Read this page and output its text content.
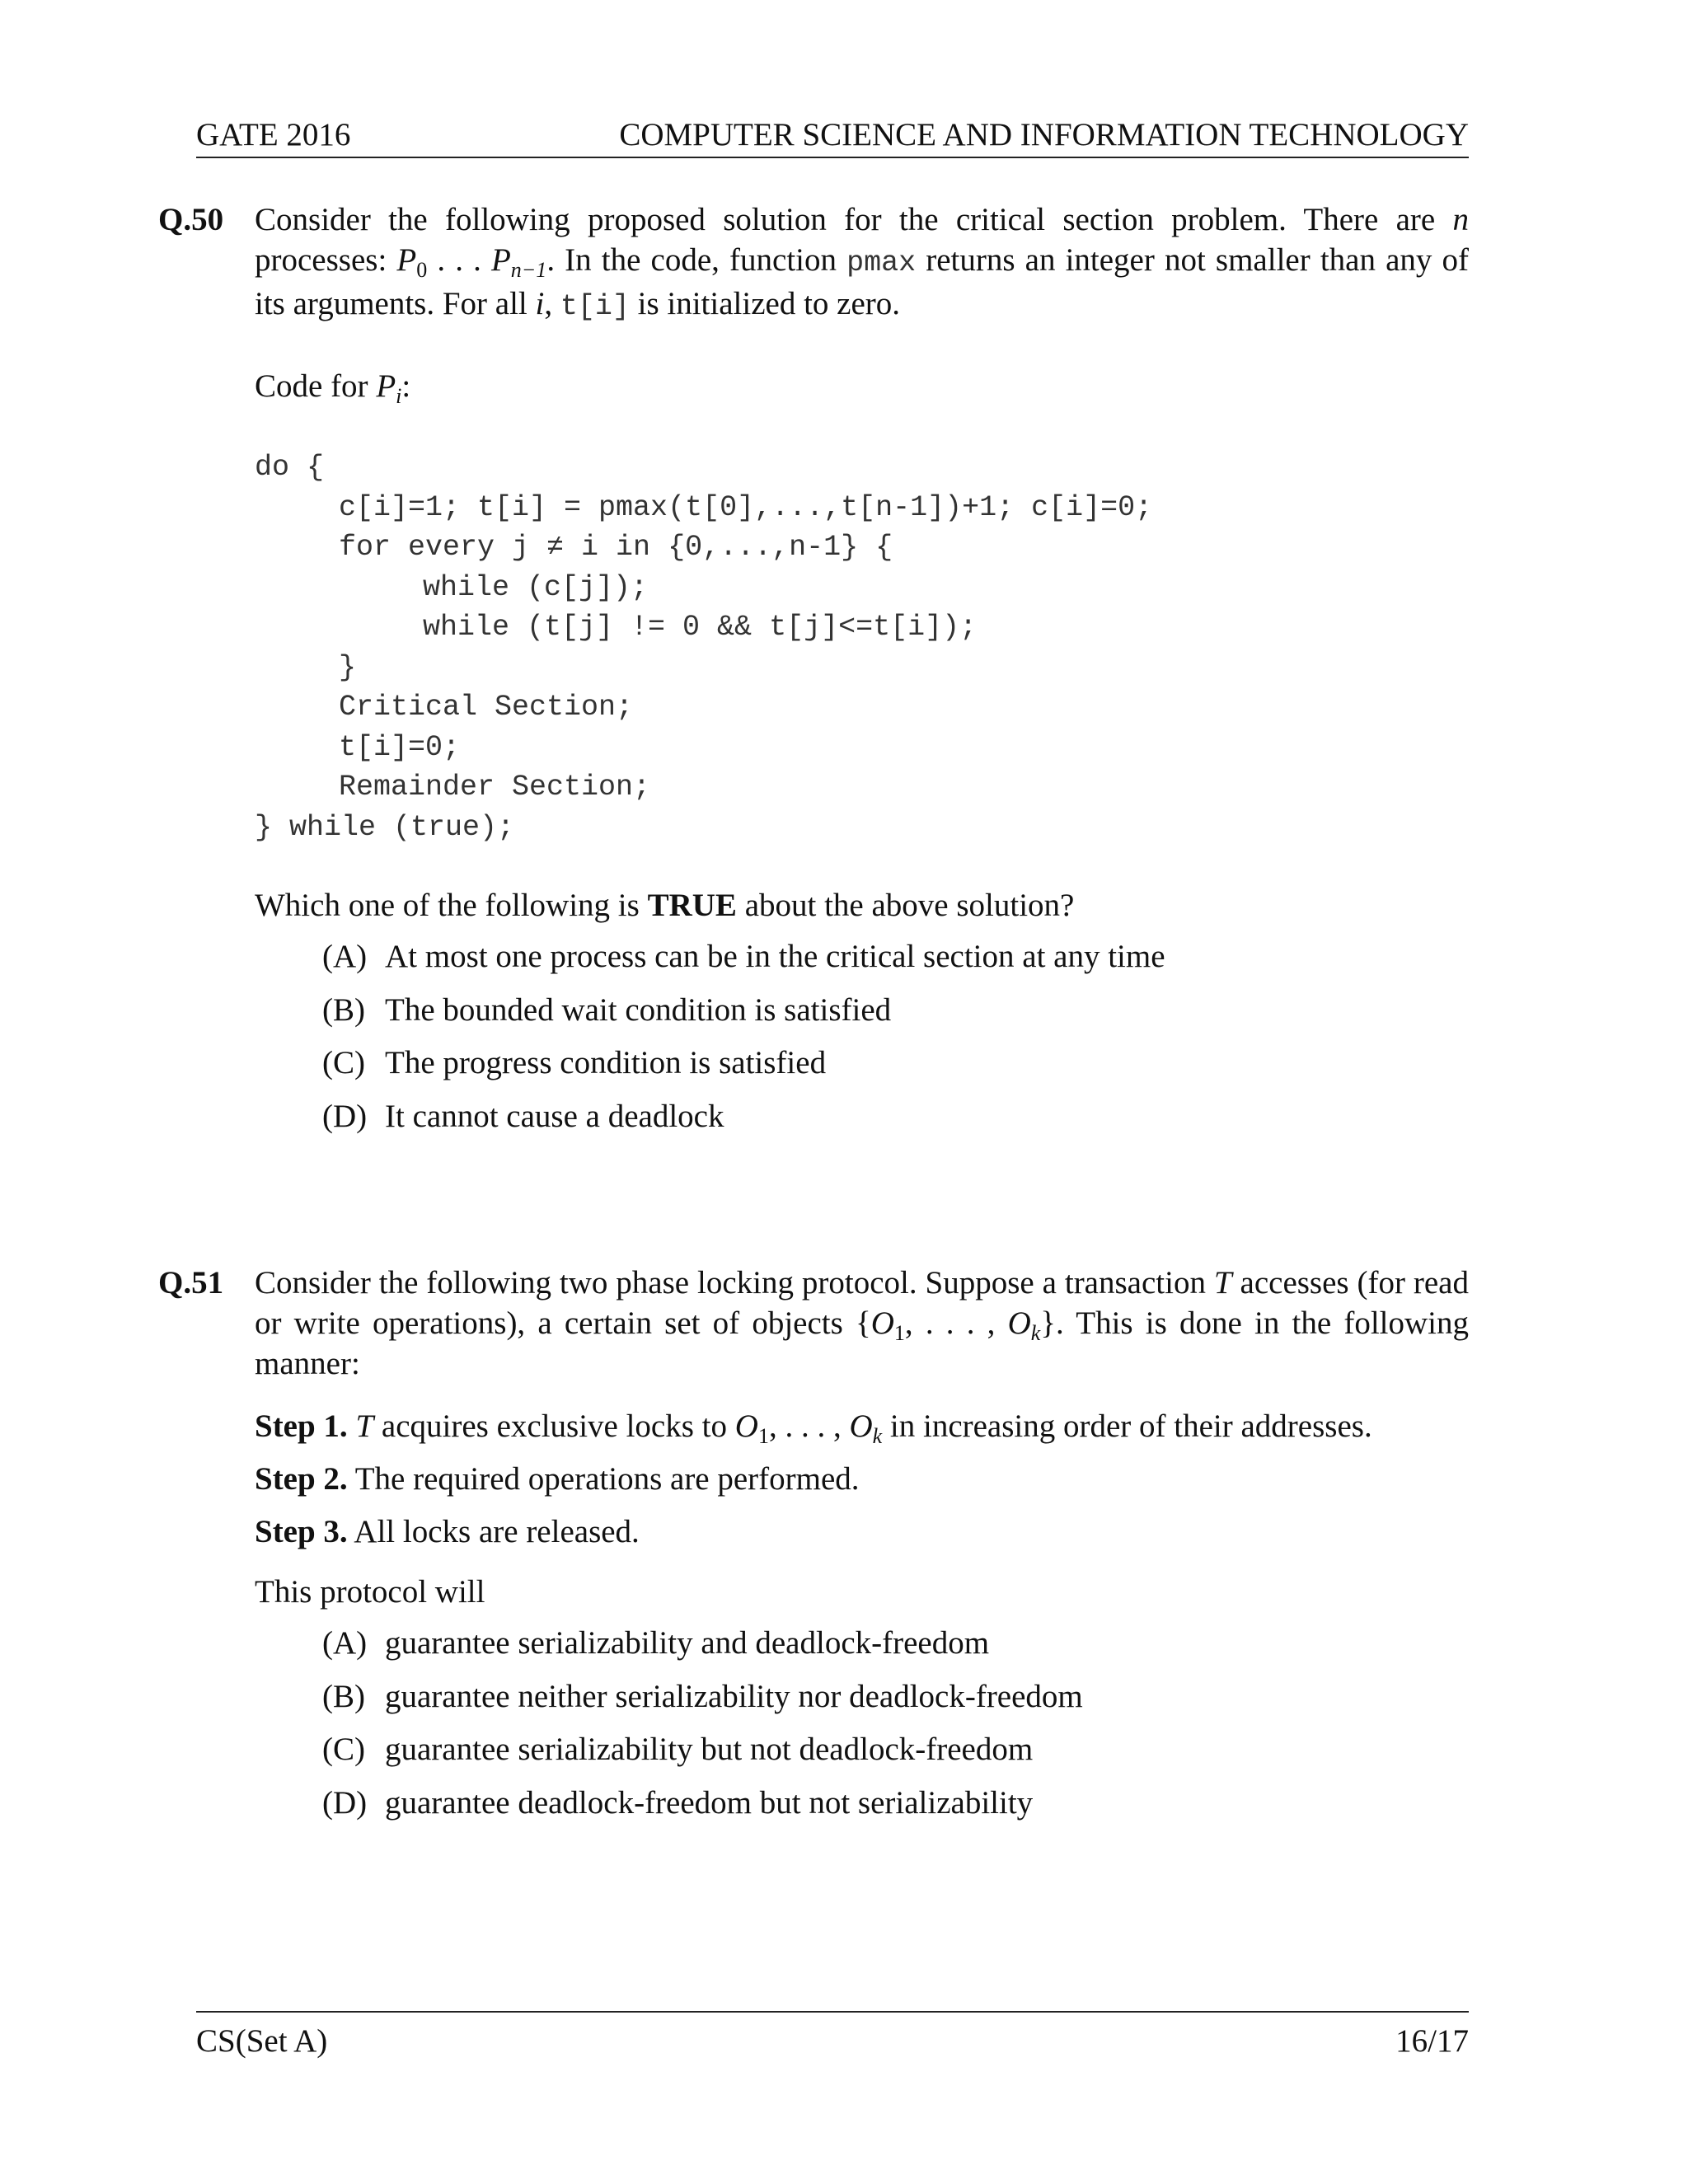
GATE 2016	COMPUTER SCIENCE AND INFORMATION TECHNOLOGY
Q.50 Consider the following proposed solution for the critical section problem. There are n processes: $P_0$ . . . $P_{n-1}$. In the code, function pmax returns an integer not smaller than any of its arguments. For all i, t[i] is initialized to zero.

Code for $P_i$:
do {
c[i]=1; t[i] = pmax(t[0],...,t[n-1])+1; c[i]=0;
for every j ≠ i in {0,...,n-1} {
while (c[j]);
while (t[j] != 0 && t[j]<=t[i]);
}
Critical Section;
t[i]=0;
Remainder Section;
} while (true);
Which one of the following is TRUE about the above solution?
(A) At most one process can be in the critical section at any time
(B) The bounded wait condition is satisfied
(C) The progress condition is satisfied
(D) It cannot cause a deadlock
Q.51 Consider the following two phase locking protocol. Suppose a transaction T accesses (for read or write operations), a certain set of objects {$O_1$, . . . , $O_k$}. This is done in the following manner:

Step 1. T acquires exclusive locks to $O_1$, . . . , $O_k$ in increasing order of their addresses.
Step 2. The required operations are performed.
Step 3. All locks are released.
This protocol will
(A) guarantee serializability and deadlock-freedom
(B) guarantee neither serializability nor deadlock-freedom
(C) guarantee serializability but not deadlock-freedom
(D) guarantee deadlock-freedom but not serializability
CS(Set A)	16/17
